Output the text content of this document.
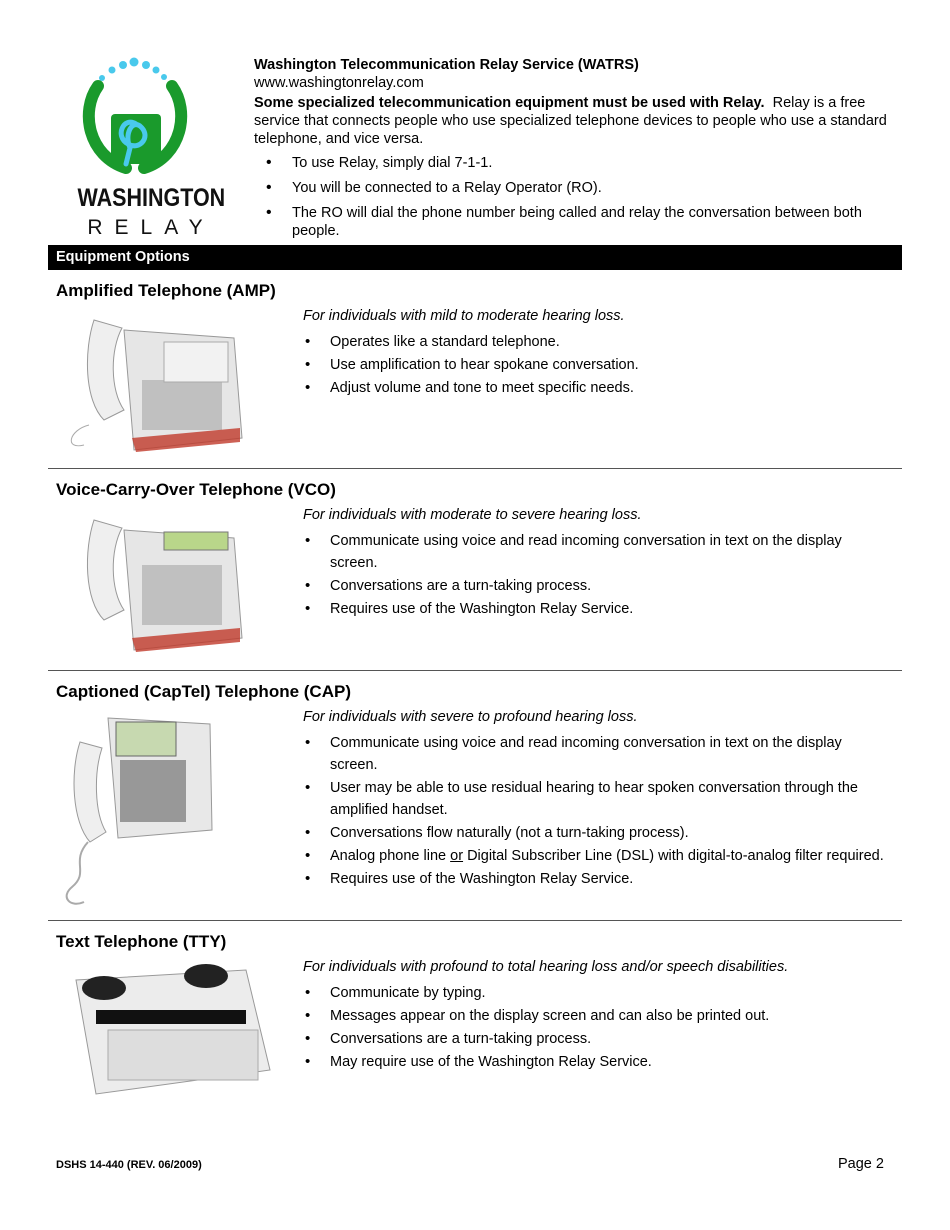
WASHINGTON
RELAY
Washington Telecommunication Relay Service (WATRS)
www.washingtonrelay.com
Some specialized telecommunication equipment must be used with Relay. Relay is a free service that connects people who use specialized telephone devices to people who use a standard telephone, and vice versa.
• To use Relay, simply dial 7-1-1.
• You will be connected to a Relay Operator (RO).
• The RO will dial the phone number being called and relay the conversation between both people.
Equipment Options
Amplified Telephone (AMP)
For individuals with mild to moderate hearing loss.
• Operates like a standard telephone.
• Use amplification to hear spokane conversation.
• Adjust volume and tone to meet specific needs.
Voice-Carry-Over Telephone (VCO)
For individuals with moderate to severe hearing loss.
• Communicate using voice and read incoming conversation in text on the display screen.
• Conversations are a turn-taking process.
• Requires use of the Washington Relay Service.
Captioned (CapTel) Telephone (CAP)
For individuals with severe to profound hearing loss.
• Communicate using voice and read incoming conversation in text on the display screen.
• User may be able to use residual hearing to hear spoken conversation through the amplified handset.
• Conversations flow naturally (not a turn-taking process).
• Analog phone line or Digital Subscriber Line (DSL) with digital-to-analog filter required.
• Requires use of the Washington Relay Service.
Text Telephone (TTY)
For individuals with profound to total hearing loss and/or speech disabilities.
• Communicate by typing.
• Messages appear on the display screen and can also be printed out.
• Conversations are a turn-taking process.
• May require use of the Washington Relay Service.
DSHS 14-440 (REV. 06/2009)	Page 2
